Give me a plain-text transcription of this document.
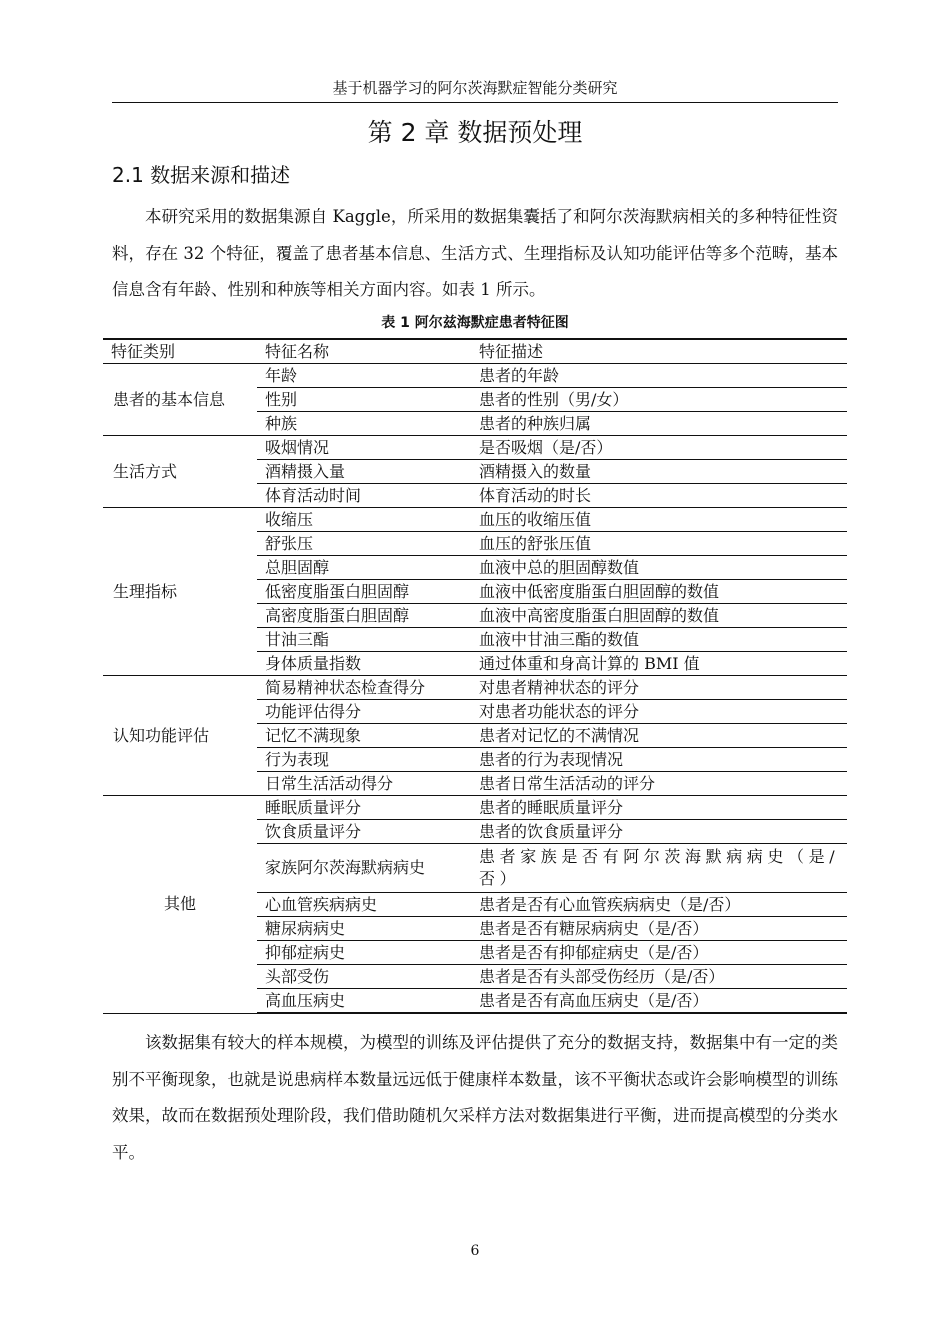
基于机器学习的阿尔茨海默症智能分类研究
第 2 章 数据预处理
2.1 数据来源和描述

本研究采用的数据集源自 Kaggle，所采用的数据集囊括了和阿尔茨海默病相关的多种特征性资料，存在 32 个特征，覆盖了患者基本信息、生活方式、生理指标及认知功能评估等多个范畴，基本信息含有年龄、性别和种族等相关方面内容。如表 1 所示。

表 1 阿尔兹海默症患者特征图
特征类别	特征名称	特征描述
患者的基本信息	年龄	患者的年龄
	性别	患者的性别（男/女）
	种族	患者的种族归属
生活方式	吸烟情况	是否吸烟（是/否）
	酒精摄入量	酒精摄入的数量
	体育活动时间	体育活动的时长
生理指标	收缩压	血压的收缩压值
	舒张压	血压的舒张压值
	总胆固醇	血液中总的胆固醇数值
	低密度脂蛋白胆固醇	血液中低密度脂蛋白胆固醇的数值
	高密度脂蛋白胆固醇	血液中高密度脂蛋白胆固醇的数值
	甘油三酯	血液中甘油三酯的数值
	身体质量指数	通过体重和身高计算的 BMI 值
认知功能评估	简易精神状态检查得分	对患者精神状态的评分
	功能评估得分	对患者功能状态的评分
	记忆不满现象	患者对记忆的不满情况
	行为表现	患者的行为表现情况
	日常生活活动得分	患者日常生活活动的评分
其他	睡眠质量评分	患者的睡眠质量评分
	饮食质量评分	患者的饮食质量评分
	家族阿尔茨海默病病史	患者家族是否有阿尔茨海默病病史（是/否）
	心血管疾病病史	患者是否有心血管疾病病史（是/否）
	糖尿病病史	患者是否有糖尿病病史（是/否）
	抑郁症病史	患者是否有抑郁症病史（是/否）
	头部受伤	患者是否有头部受伤经历（是/否）
	高血压病史	患者是否有高血压病史（是/否）

该数据集有较大的样本规模，为模型的训练及评估提供了充分的数据支持，数据集中有一定的类别不平衡现象，也就是说患病样本数量远远低于健康样本数量，该不平衡状态或许会影响模型的训练效果，故而在数据预处理阶段，我们借助随机欠采样方法对数据集进行平衡，进而提高模型的分类水平。

6
